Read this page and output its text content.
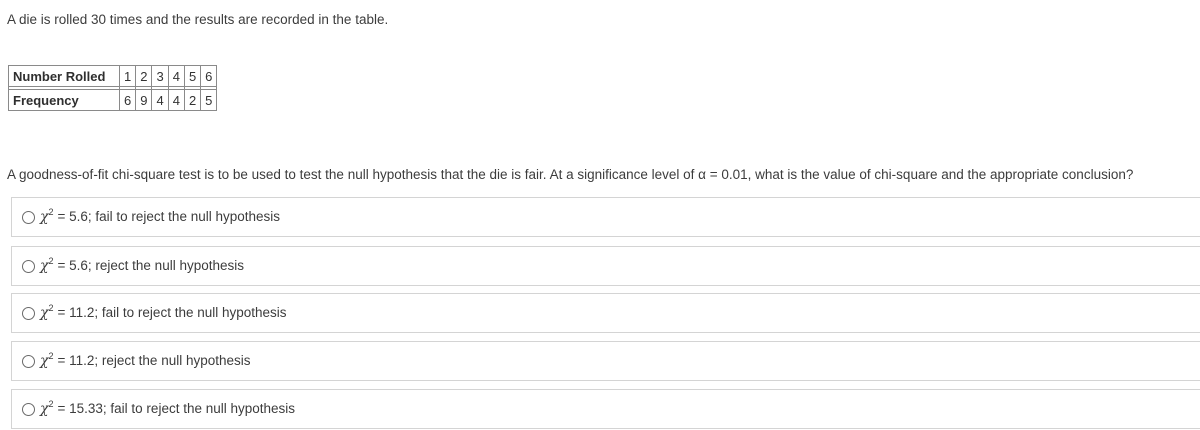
A die is rolled 30 times and the results are recorded in the table.
Number Rolled	1	2	3	4	5	6

Frequency	6	9	4	4	2	5
A goodness-of-fit chi-square test is to be used to test the null hypothesis that the die is fair. At a significance level of α = 0.01, what is the value of chi-square and the appropriate conclusion?
χ 2 = 5.6; fail to reject the null hypothesis
χ 2 = 5.6; reject the null hypothesis
χ 2 = 11.2; fail to reject the null hypothesis
χ 2 = 11.2; reject the null hypothesis
χ 2 = 15.33; fail to reject the null hypothesis
